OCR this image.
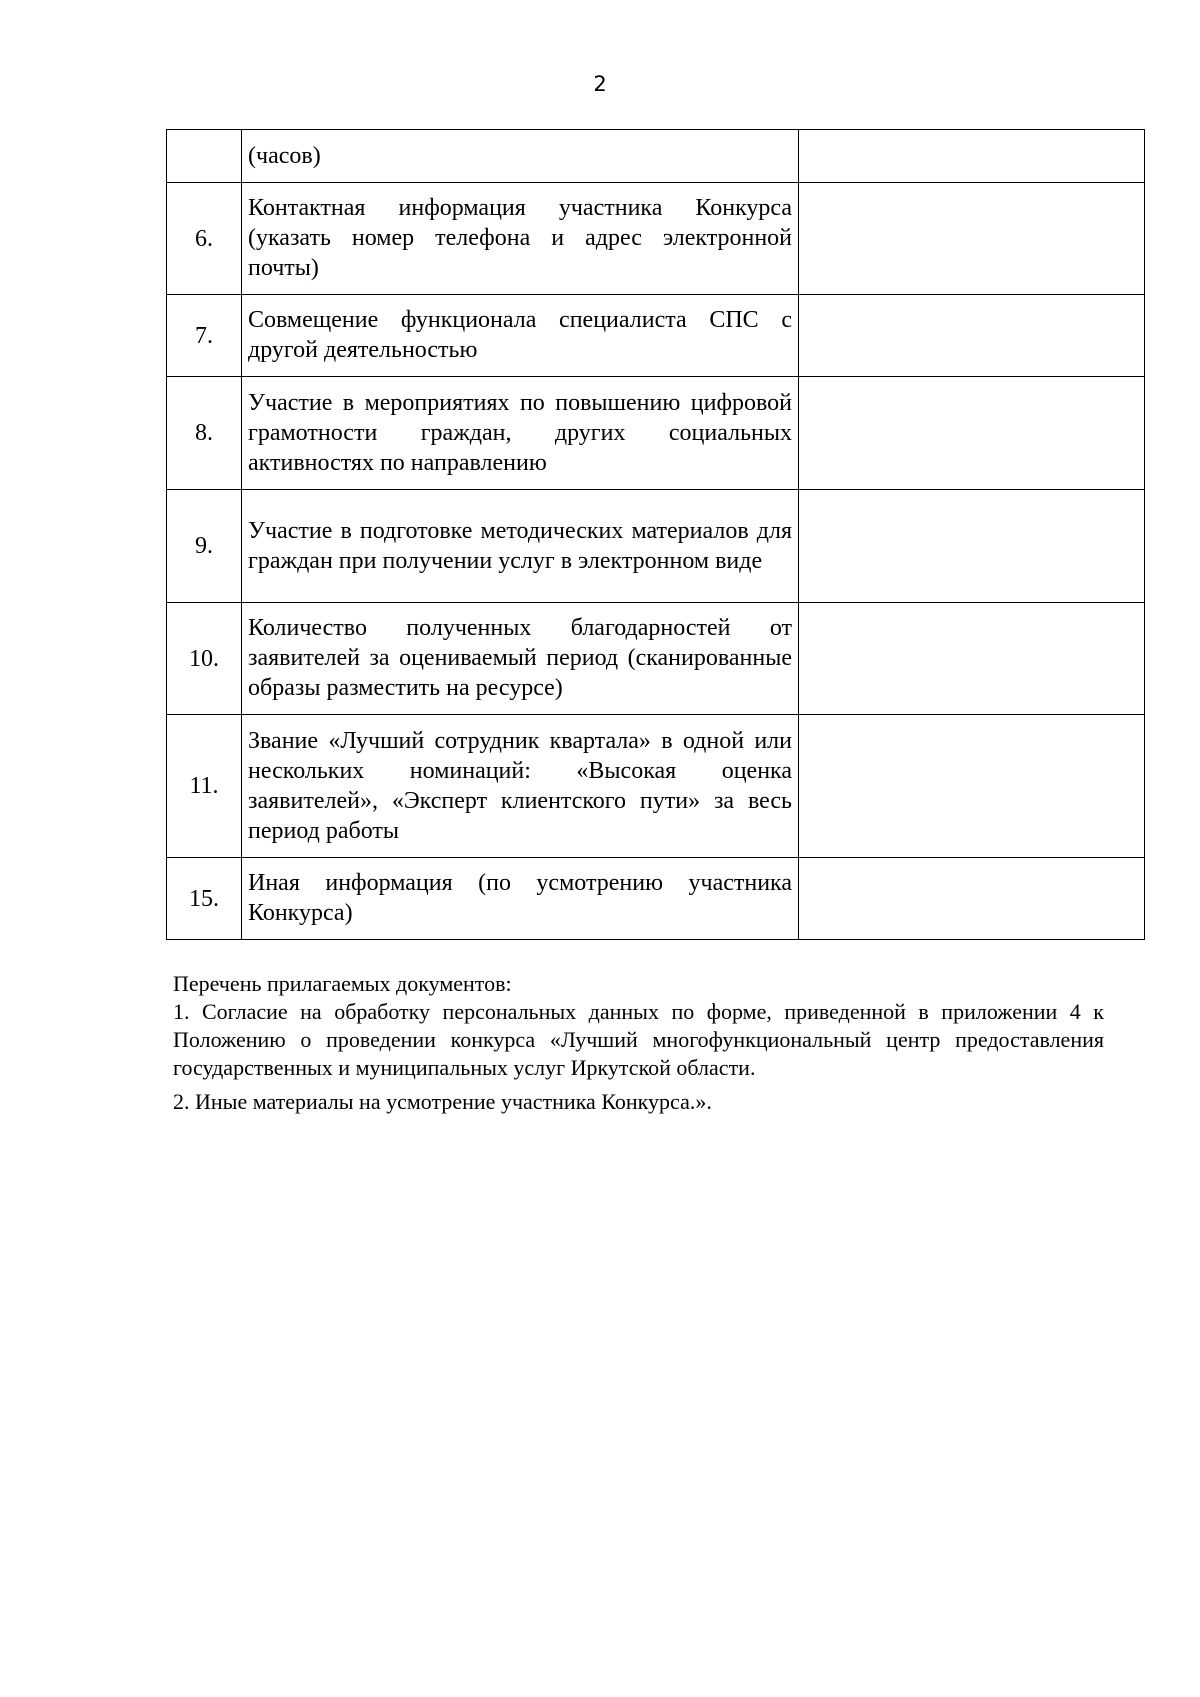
2
	(часов)	
6.	Контактная информация участника Конкурса (указать номер телефона и адрес электронной почты)	
7.	Совмещение функционала специалиста СПС с другой деятельностью	
8.	Участие в мероприятиях по повышению цифровой грамотности граждан, других социальных активностях по направлению	
9.	Участие в подготовке методических материалов для граждан при получении услуг в электронном виде	
10.	Количество полученных благодарностей от заявителей за оцениваемый период (сканированные образы разместить на ресурсе)	
11.	Звание «Лучший сотрудник квартала» в одной или нескольких номинаций: «Высокая оценка заявителей», «Эксперт клиентского пути» за весь период работы	
15.	Иная информация (по усмотрению участника Конкурса)	

Перечень прилагаемых документов:

1. Согласие на обработку персональных данных по форме, приведенной в приложении 4 к Положению о проведении конкурса «Лучший многофункциональный центр предоставления государственных и муниципальных услуг Иркутской области.

2. Иные материалы на усмотрение участника Конкурса.».
